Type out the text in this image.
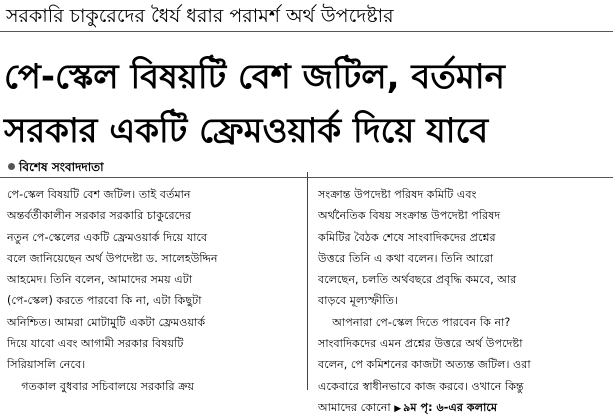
সরকারি চাকুরেদের ধৈর্য ধরার পরামর্শ অর্থ উপদেষ্টার
পে-স্কেল বিষয়টি বেশ জটিল, বর্তমান
সরকার একটি ফ্রেমওয়ার্ক দিয়ে যাবে
বিশেষ সংবাদদাতা

পে-স্কেল বিষয়টি বেশ জটিল। তাই বর্তমান

অন্তর্বর্তীকালীন সরকার সরকারি চাকুরেদের

নতুন পে-স্কেলের একটি ফ্রেমওয়ার্ক দিয়ে যাবে

বলে জানিয়েছেন অর্থ উপদেষ্টা ড. সালেহউদ্দিন

আহমেদ। তিনি বলেন, আমাদের সময় এটা

(পে-স্কেল) করতে পারবো কি না, এটা কিছুটা

অনিশ্চিত। আমরা মোটামুটি একটা ফ্রেমওয়ার্ক

দিয়ে যাবো এবং আগামী সরকার বিষয়টি

সিরিয়াসলি নেবে।

গতকাল বুধবার সচিবালয়ে সরকারি ক্রয়

সংক্রান্ত উপদেষ্টা পরিষদ কমিটি এবং

অর্থনৈতিক বিষয় সংক্রান্ত উপদেষ্টা পরিষদ

কমিটির বৈঠক শেষে সাংবাদিকদের প্রশ্নের

উত্তরে তিনি এ কথা বলেন। তিনি আরো

বলেছেন, চলতি অর্থবছরে প্রবৃদ্ধি কমবে, আর

বাড়বে মূল্যস্ফীতি।

আপনারা পে-স্কেল দিতে পারবেন কি না?

সাংবাদিকদের এমন প্রশ্নের উত্তরে অর্থ উপদেষ্টা

বলেন, পে কমিশনের কাজটা অত্যন্ত জটিল। ওরা

একেবারে স্বাধীনভাবে কাজ করবে। ওখানে কিন্তু

আমাদের কোনো ▶ ৯ম পৃ: ৬-এর কলামে
